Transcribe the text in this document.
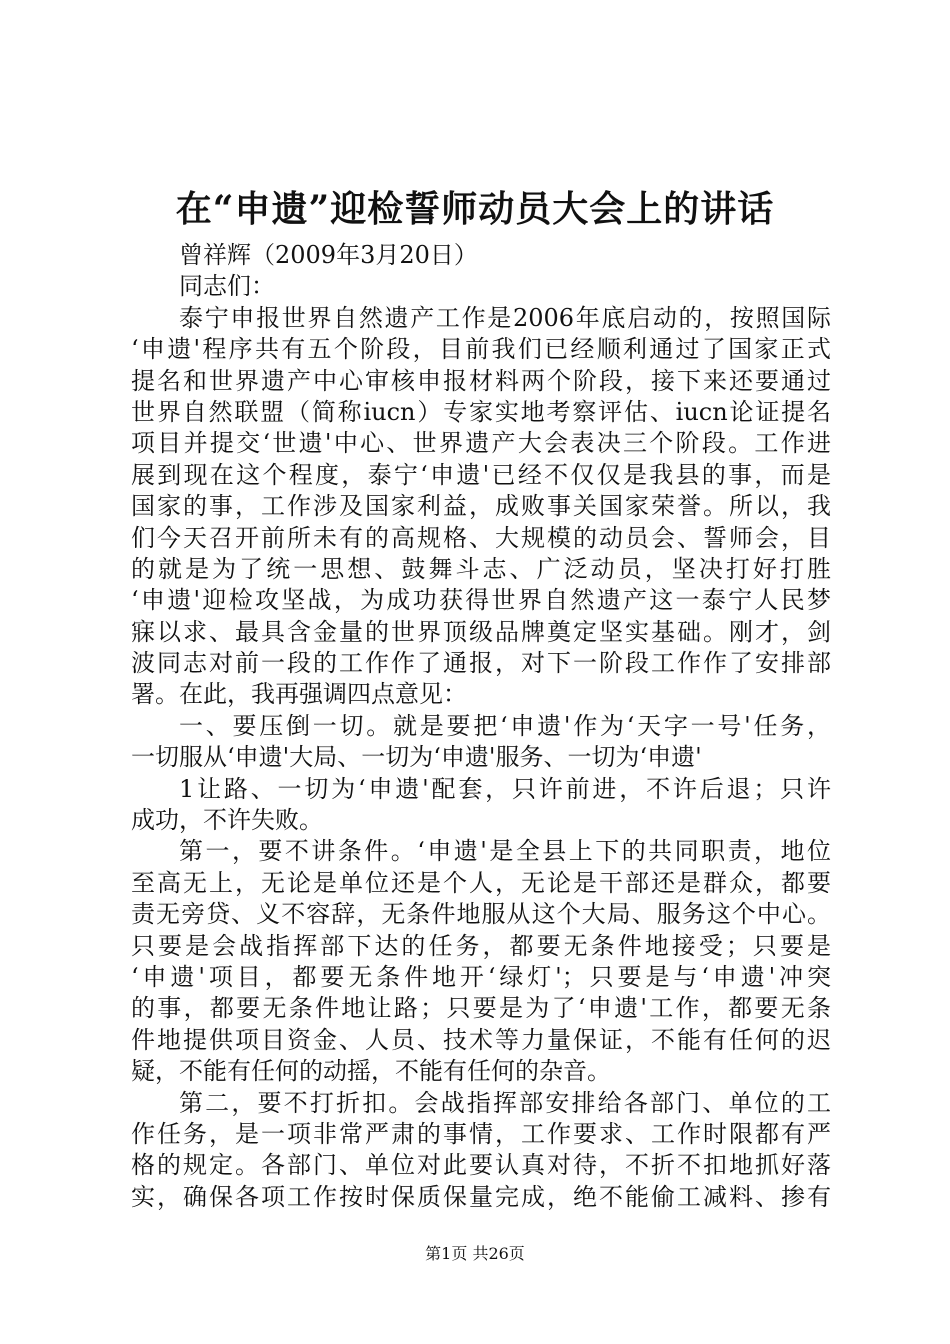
在“申遗”迎检誓师动员大会上的讲话
曾祥辉（2009年3月20日）
同志们：
泰宁申报世界自然遗产工作是2006年底启动的，按照国际
‘申遗'程序共有五个阶段，目前我们已经顺利通过了国家正式
提名和世界遗产中心审核申报材料两个阶段，接下来还要通过
世界自然联盟（简称iucn）专家实地考察评估、iucn论证提名
项目并提交‘世遗'中心、世界遗产大会表决三个阶段。工作进
展到现在这个程度，泰宁‘申遗'已经不仅仅是我县的事，而是
国家的事，工作涉及国家利益，成败事关国家荣誉。所以，我
们今天召开前所未有的高规格、大规模的动员会、誓师会，目
的就是为了统一思想、鼓舞斗志、广泛动员，坚决打好打胜
‘申遗'迎检攻坚战，为成功获得世界自然遗产这一泰宁人民梦
寐以求、最具含金量的世界顶级品牌奠定坚实基础。刚才，剑
波同志对前一段的工作作了通报，对下一阶段工作作了安排部
署。在此，我再强调四点意见：
一、要压倒一切。就是要把‘申遗'作为‘天字一号'任务，
一切服从‘申遗'大局、一切为‘申遗'服务、一切为‘申遗'
1让路、一切为‘申遗'配套，只许前进，不许后退；只许
成功，不许失败。
第一，要不讲条件。‘申遗'是全县上下的共同职责，地位
至高无上，无论是单位还是个人，无论是干部还是群众，都要
责无旁贷、义不容辞，无条件地服从这个大局、服务这个中心。
只要是会战指挥部下达的任务，都要无条件地接受；只要是
‘申遗'项目，都要无条件地开‘绿灯'；只要是与‘申遗'冲突
的事，都要无条件地让路；只要是为了‘申遗'工作，都要无条
件地提供项目资金、人员、技术等力量保证，不能有任何的迟
疑，不能有任何的动摇，不能有任何的杂音。
第二，要不打折扣。会战指挥部安排给各部门、单位的工
作任务，是一项非常严肃的事情，工作要求、工作时限都有严
格的规定。各部门、单位对此要认真对待，不折不扣地抓好落
实，确保各项工作按时保质保量完成，绝不能偷工减料、掺有
第1页 共26页
